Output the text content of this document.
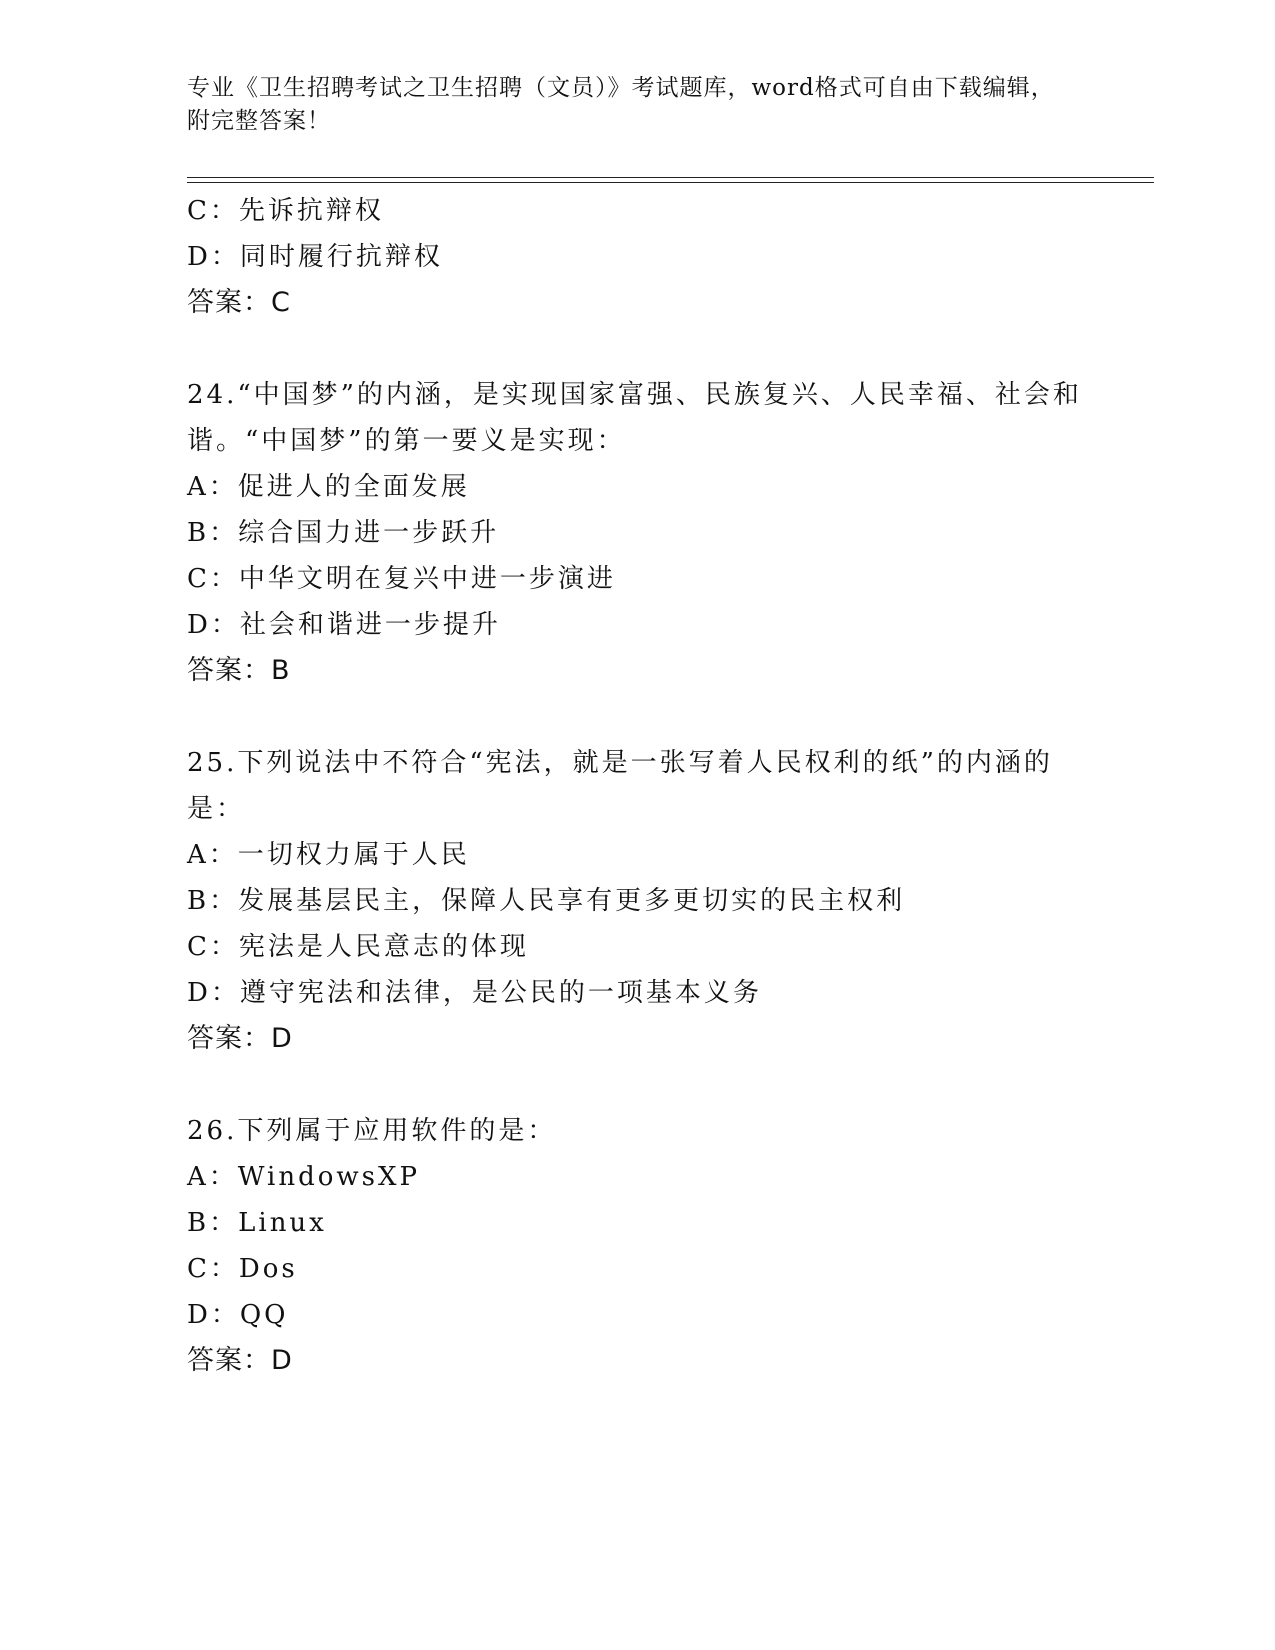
专业《卫生招聘考试之卫生招聘（文员）》考试题库，word格式可自由下载编辑，附完整答案！
C：先诉抗辩权
D：同时履行抗辩权
答案：C
24.“中国梦”的内涵，是实现国家富强、民族复兴、人民幸福、社会和谐。“中国梦”的第一要义是实现：
A：促进人的全面发展
B：综合国力进一步跃升
C：中华文明在复兴中进一步演进
D：社会和谐进一步提升
答案：B
25.下列说法中不符合“宪法，就是一张写着人民权利的纸”的内涵的是：
A：一切权力属于人民
B：发展基层民主，保障人民享有更多更切实的民主权利
C：宪法是人民意志的体现
D：遵守宪法和法律，是公民的一项基本义务
答案：D
26.下列属于应用软件的是：
A：WindowsXP
B：Linux
C：Dos
D：QQ
答案：D
